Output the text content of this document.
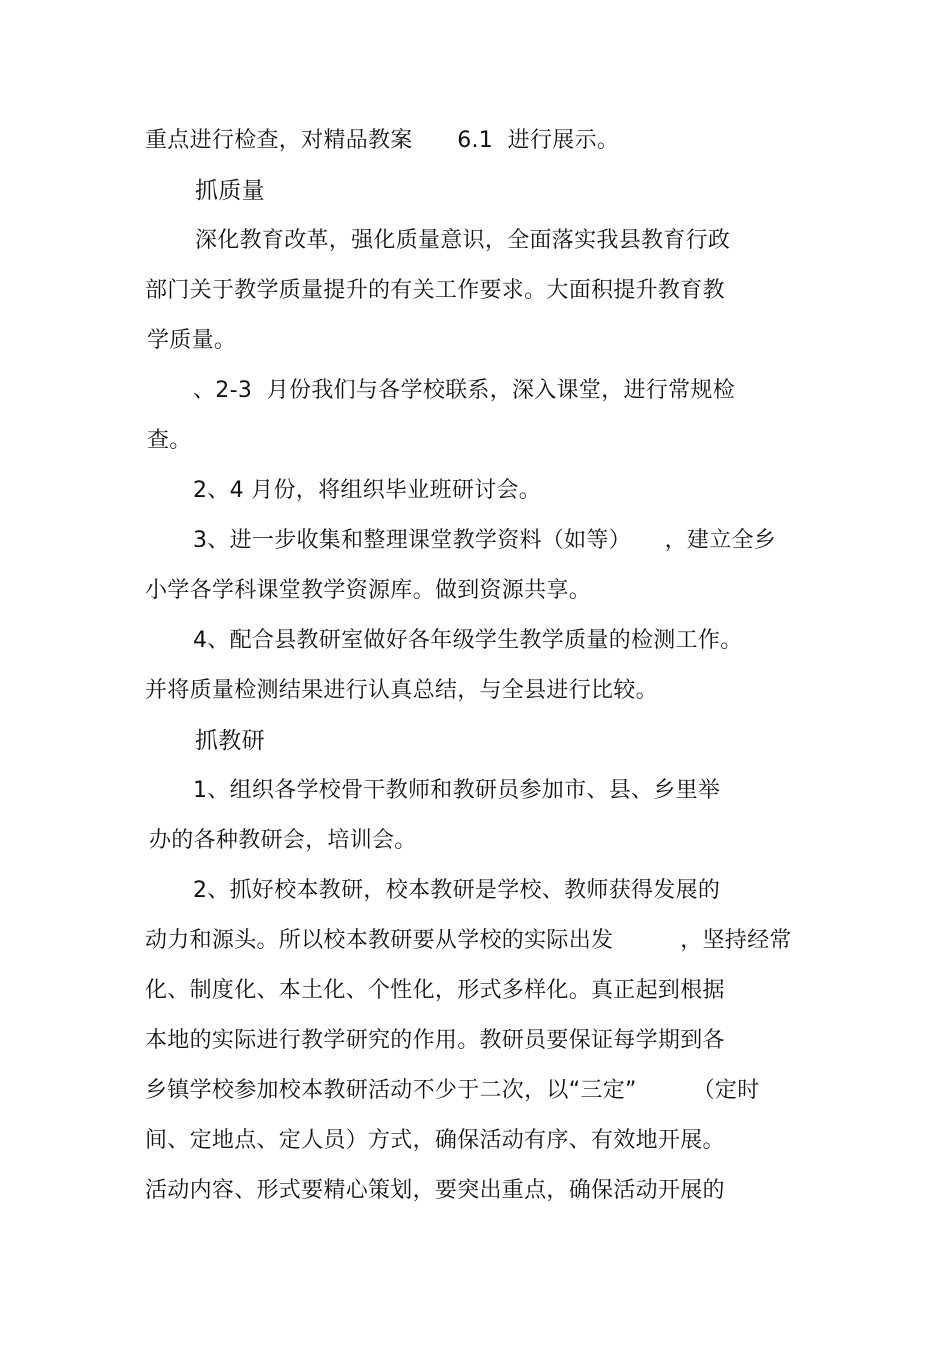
重点进行检查，对精品教案　　6.1  进行展示。
抓质量
深化教育改革，强化质量意识，全面落实我县教育行政
部门关于教学质量提升的有关工作要求。大面积提升教育教
学质量。
、2-3  月份我们与各学校联系，深入课堂，进行常规检
查。
2、4 月份，将组织毕业班研讨会。
3、进一步收集和整理课堂教学资料（如等）　　，建立全乡
小学各学科课堂教学资源库。做到资源共享。
4、配合县教研室做好各年级学生教学质量的检测工作。
并将质量检测结果进行认真总结，与全县进行比较。
抓教研
1、组织各学校骨干教师和教研员参加市、县、乡里举
办的各种教研会，培训会。
2、抓好校本教研，校本教研是学校、教师获得发展的
动力和源头。所以校本教研要从学校的实际出发　　　，坚持经常
化、制度化、本土化、个性化，形式多样化。真正起到根据
本地的实际进行教学研究的作用。教研员要保证每学期到各
乡镇学校参加校本教研活动不少于二次，以“三定”　　　（定时
间、定地点、定人员）方式，确保活动有序、有效地开展。
活动内容、形式要精心策划，要突出重点，确保活动开展的
